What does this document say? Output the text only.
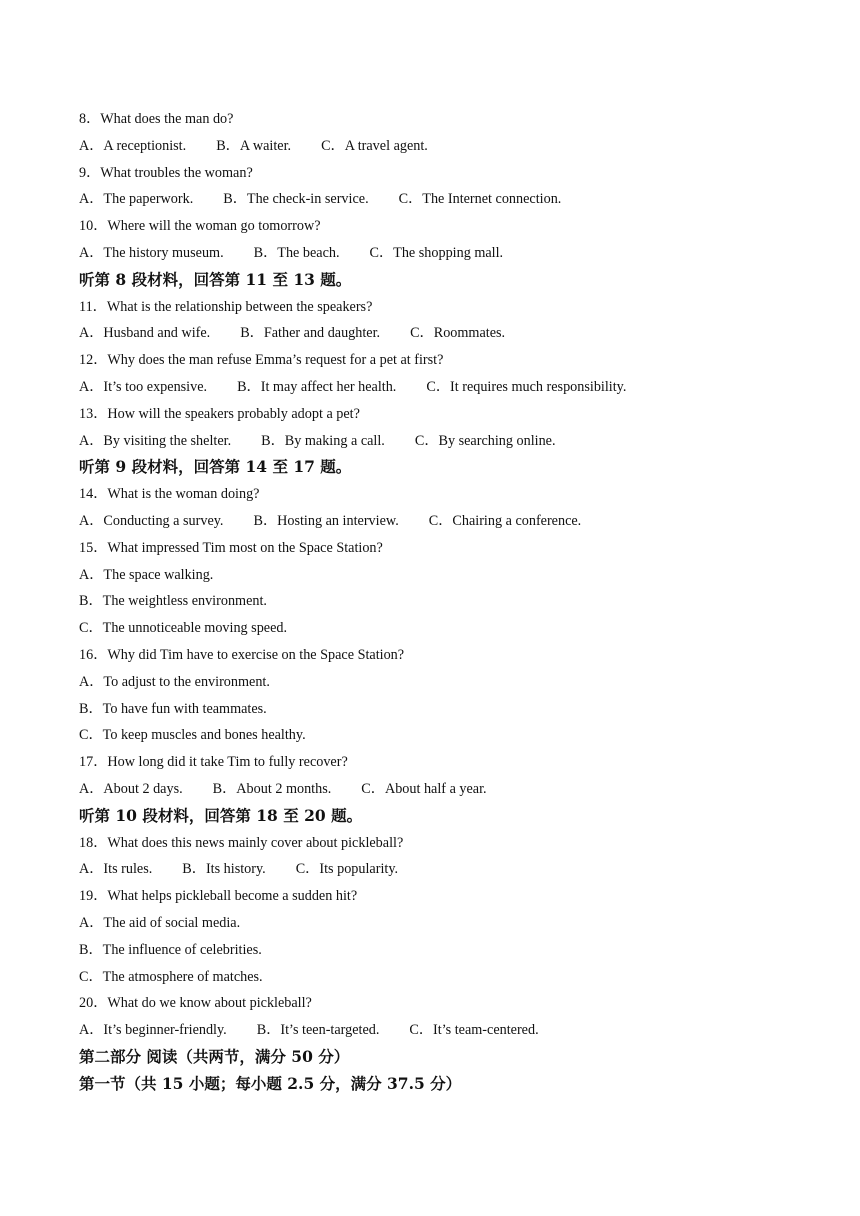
8．What does the man do?
A．A receptionist. B．A waiter. C．A travel agent.
9．What troubles the woman?
A．The paperwork. B．The check-in service. C．The Internet connection.
10．Where will the woman go tomorrow?
A．The history museum. B．The beach. C．The shopping mall.
听第 8 段材料，回答第 11 至 13 题。
11．What is the relationship between the speakers?
A．Husband and wife. B．Father and daughter. C．Roommates.
12．Why does the man refuse Emma’s request for a pet at first?
A．It’s too expensive. B．It may affect her health. C．It requires much responsibility.
13．How will the speakers probably adopt a pet?
A．By visiting the shelter. B．By making a call. C．By searching online.
听第 9 段材料，回答第 14 至 17 题。
14．What is the woman doing?
A．Conducting a survey. B．Hosting an interview. C．Chairing a conference.
15．What impressed Tim most on the Space Station?
A．The space walking.
B．The weightless environment.
C．The unnoticeable moving speed.
16．Why did Tim have to exercise on the Space Station?
A．To adjust to the environment.
B．To have fun with teammates.
C．To keep muscles and bones healthy.
17．How long did it take Tim to fully recover?
A．About 2 days. B．About 2 months. C．About half a year.
听第 10 段材料，回答第 18 至 20 题。
18．What does this news mainly cover about pickleball?
A．Its rules. B．Its history. C．Its popularity.
19．What helps pickleball become a sudden hit?
A．The aid of social media.
B．The influence of celebrities.
C．The atmosphere of matches.
20．What do we know about pickleball?
A．It’s beginner-friendly. B．It’s teen-targeted. C．It’s team-centered.
第二部分 阅读（共两节，满分 50 分）
第一节（共 15 小题；每小题 2.5 分，满分 37.5 分）
